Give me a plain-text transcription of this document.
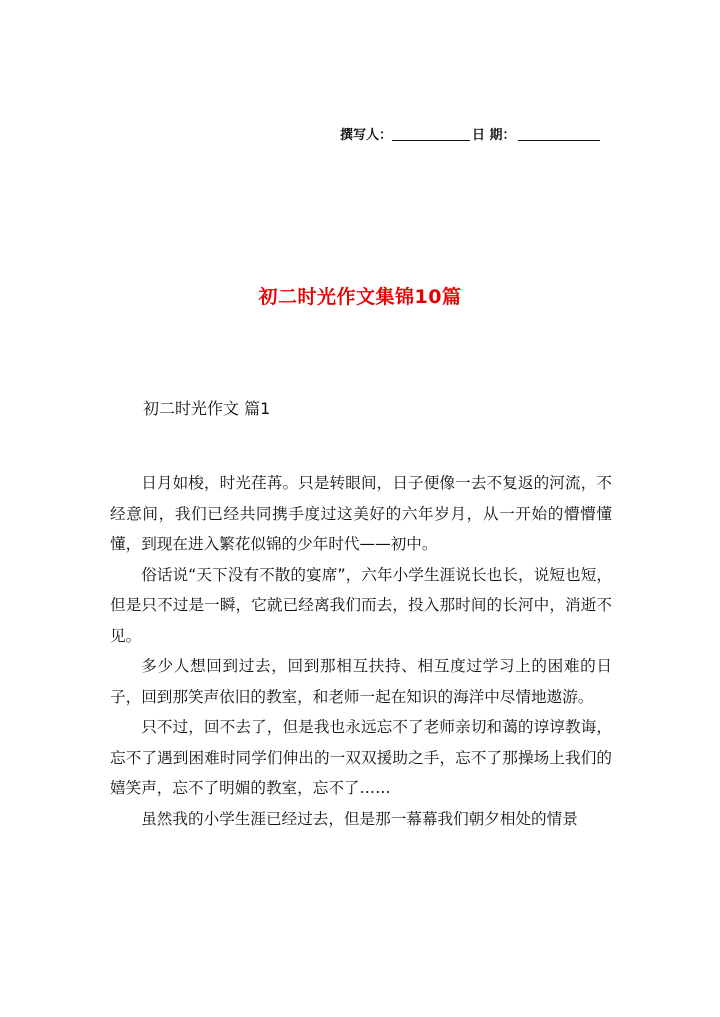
撰写人：	日 期：
初二时光作文集锦10篇
初二时光作文 篇1

日月如梭，时光荏苒。只是转眼间，日子便像一去不复返的河流，不经意间，我们已经共同携手度过这美好的六年岁月，从一开始的懵懵懂懂，到现在进入繁花似锦的少年时代——初中。

俗话说“天下没有不散的宴席”，六年小学生涯说长也长，说短也短，但是只不过是一瞬，它就已经离我们而去，投入那时间的长河中，消逝不见。

多少人想回到过去，回到那相互扶持、相互度过学习上的困难的日子，回到那笑声依旧的教室，和老师一起在知识的海洋中尽情地遨游。

只不过，回不去了，但是我也永远忘不了老师亲切和蔼的谆谆教诲，忘不了遇到困难时同学们伸出的一双双援助之手，忘不了那操场上我们的嬉笑声，忘不了明媚的教室，忘不了……

虽然我的小学生涯已经过去，但是那一幕幕我们朝夕相处的情景
